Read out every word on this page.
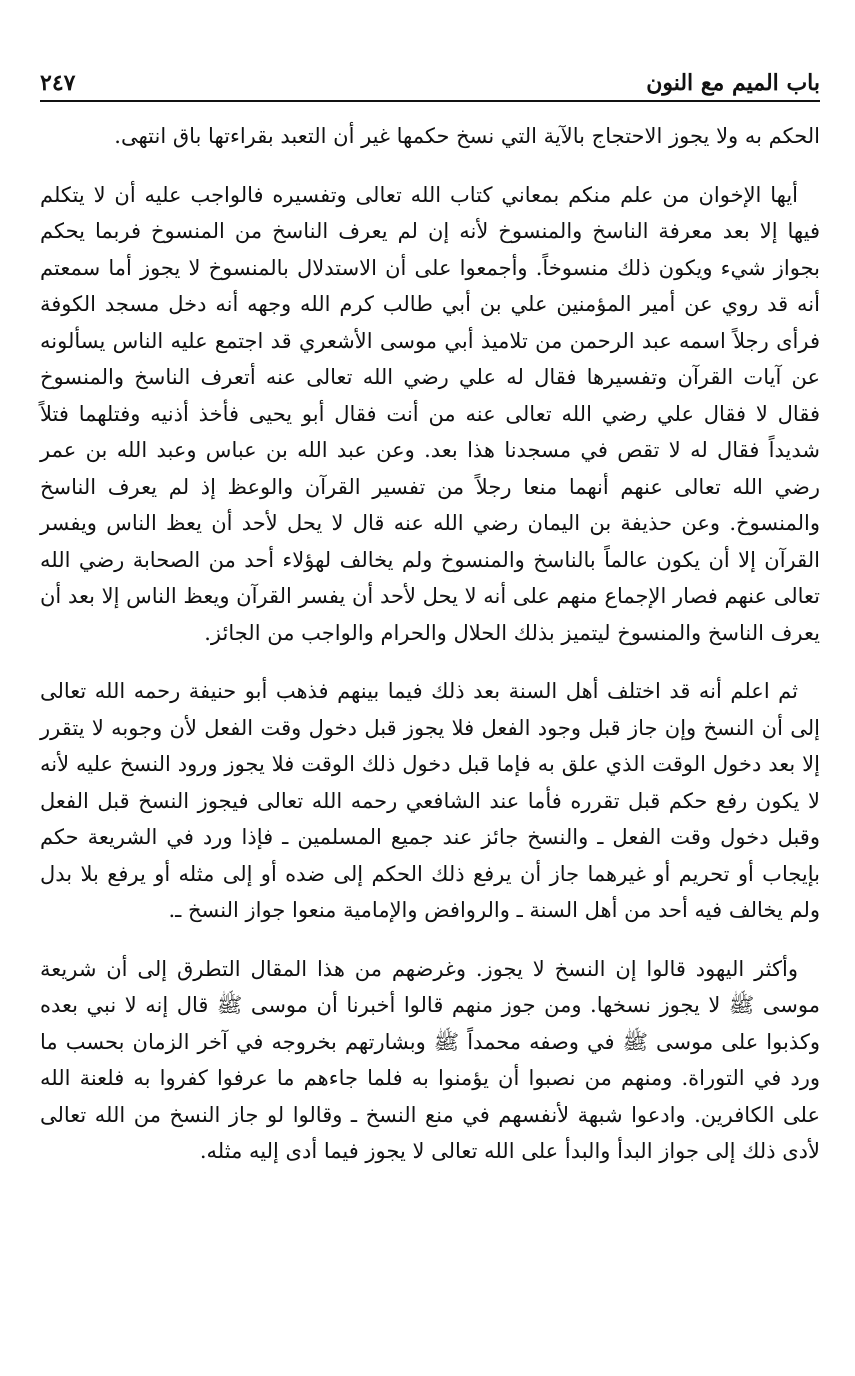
باب الميم مع النون
٢٤٧

الحكم به ولا يجوز الاحتجاج بالآية التي نسخ حكمها غير أن التعبد بقراءتها باق انتهى.

أيها الإخوان من علم منكم بمعاني كتاب الله تعالى وتفسيره فالواجب عليه أن لا يتكلم فيها إلا بعد معرفة الناسخ والمنسوخ لأنه إن لم يعرف الناسخ من المنسوخ فربما يحكم بجواز شيء ويكون ذلك منسوخاً. وأجمعوا على أن الاستدلال بالمنسوخ لا يجوز أما سمعتم أنه قد روي عن أمير المؤمنين علي بن أبي طالب كرم الله وجهه أنه دخل مسجد الكوفة فرأى رجلاً اسمه عبد الرحمن من تلاميذ أبي موسى الأشعري قد اجتمع عليه الناس يسألونه عن آيات القرآن وتفسيرها فقال له علي رضي الله تعالى عنه أتعرف الناسخ والمنسوخ فقال لا فقال علي رضي الله تعالى عنه من أنت فقال أبو يحيى فأخذ أذنيه وفتلهما فتلاً شديداً فقال له لا تقص في مسجدنا هذا بعد. وعن عبد الله بن عباس وعبد الله بن عمر رضي الله تعالى عنهم أنهما منعا رجلاً من تفسير القرآن والوعظ إذ لم يعرف الناسخ والمنسوخ. وعن حذيفة بن اليمان رضي الله عنه قال لا يحل لأحد أن يعظ الناس ويفسر القرآن إلا أن يكون عالماً بالناسخ والمنسوخ ولم يخالف لهؤلاء أحد من الصحابة رضي الله تعالى عنهم فصار الإجماع منهم على أنه لا يحل لأحد أن يفسر القرآن ويعظ الناس إلا بعد أن يعرف الناسخ والمنسوخ ليتميز بذلك الحلال والحرام والواجب من الجائز.

ثم اعلم أنه قد اختلف أهل السنة بعد ذلك فيما بينهم فذهب أبو حنيفة رحمه الله تعالى إلى أن النسخ وإن جاز قبل وجود الفعل فلا يجوز قبل دخول وقت الفعل لأن وجوبه لا يتقرر إلا بعد دخول الوقت الذي علق به فإما قبل دخول ذلك الوقت فلا يجوز ورود النسخ عليه لأنه لا يكون رفع حكم قبل تقرره فأما عند الشافعي رحمه الله تعالى فيجوز النسخ قبل الفعل وقبل دخول وقت الفعل ـ والنسخ جائز عند جميع المسلمين ـ فإذا ورد في الشريعة حكم بإيجاب أو تحريم أو غيرهما جاز أن يرفع ذلك الحكم إلى ضده أو إلى مثله أو يرفع بلا بدل ولم يخالف فيه أحد من أهل السنة ـ والروافض والإمامية منعوا جواز النسخ ـ.

وأكثر اليهود قالوا إن النسخ لا يجوز. وغرضهم من هذا المقال التطرق إلى أن شريعة موسى ﷺ لا يجوز نسخها. ومن جوز منهم قالوا أخبرنا أن موسى ﷺ قال إنه لا نبي بعده وكذبوا على موسى ﷺ في وصفه محمداً ﷺ وبشارتهم بخروجه في آخر الزمان بحسب ما ورد في التوراة. ومنهم من نصبوا أن يؤمنوا به فلما جاءهم ما عرفوا كفروا به فلعنة الله على الكافرين. وادعوا شبهة لأنفسهم في منع النسخ ـ وقالوا لو جاز النسخ من الله تعالى لأدى ذلك إلى جواز البدأ والبدأ على الله تعالى لا يجوز فيما أدى إليه مثله.
